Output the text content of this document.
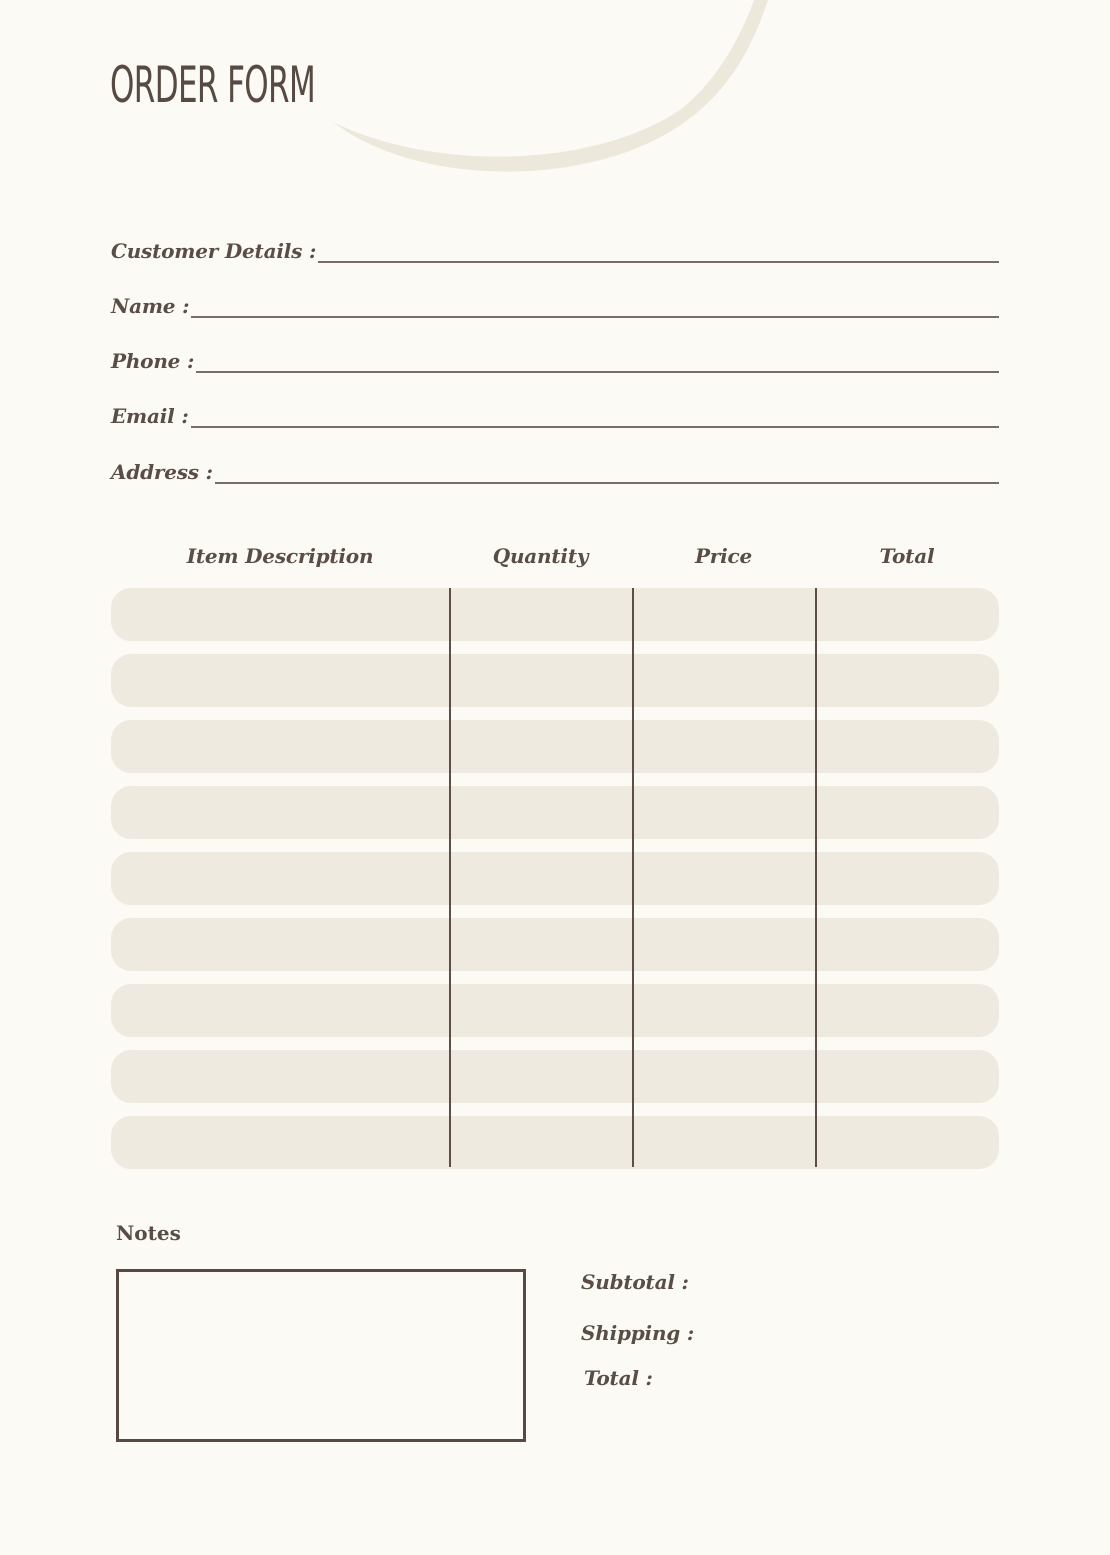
ORDER FORM
Customer Details :
Name :
Phone :
Email :
Address :
Item Description	Quantity	Price	Total
Notes
Subtotal :
Shipping :
Total :
